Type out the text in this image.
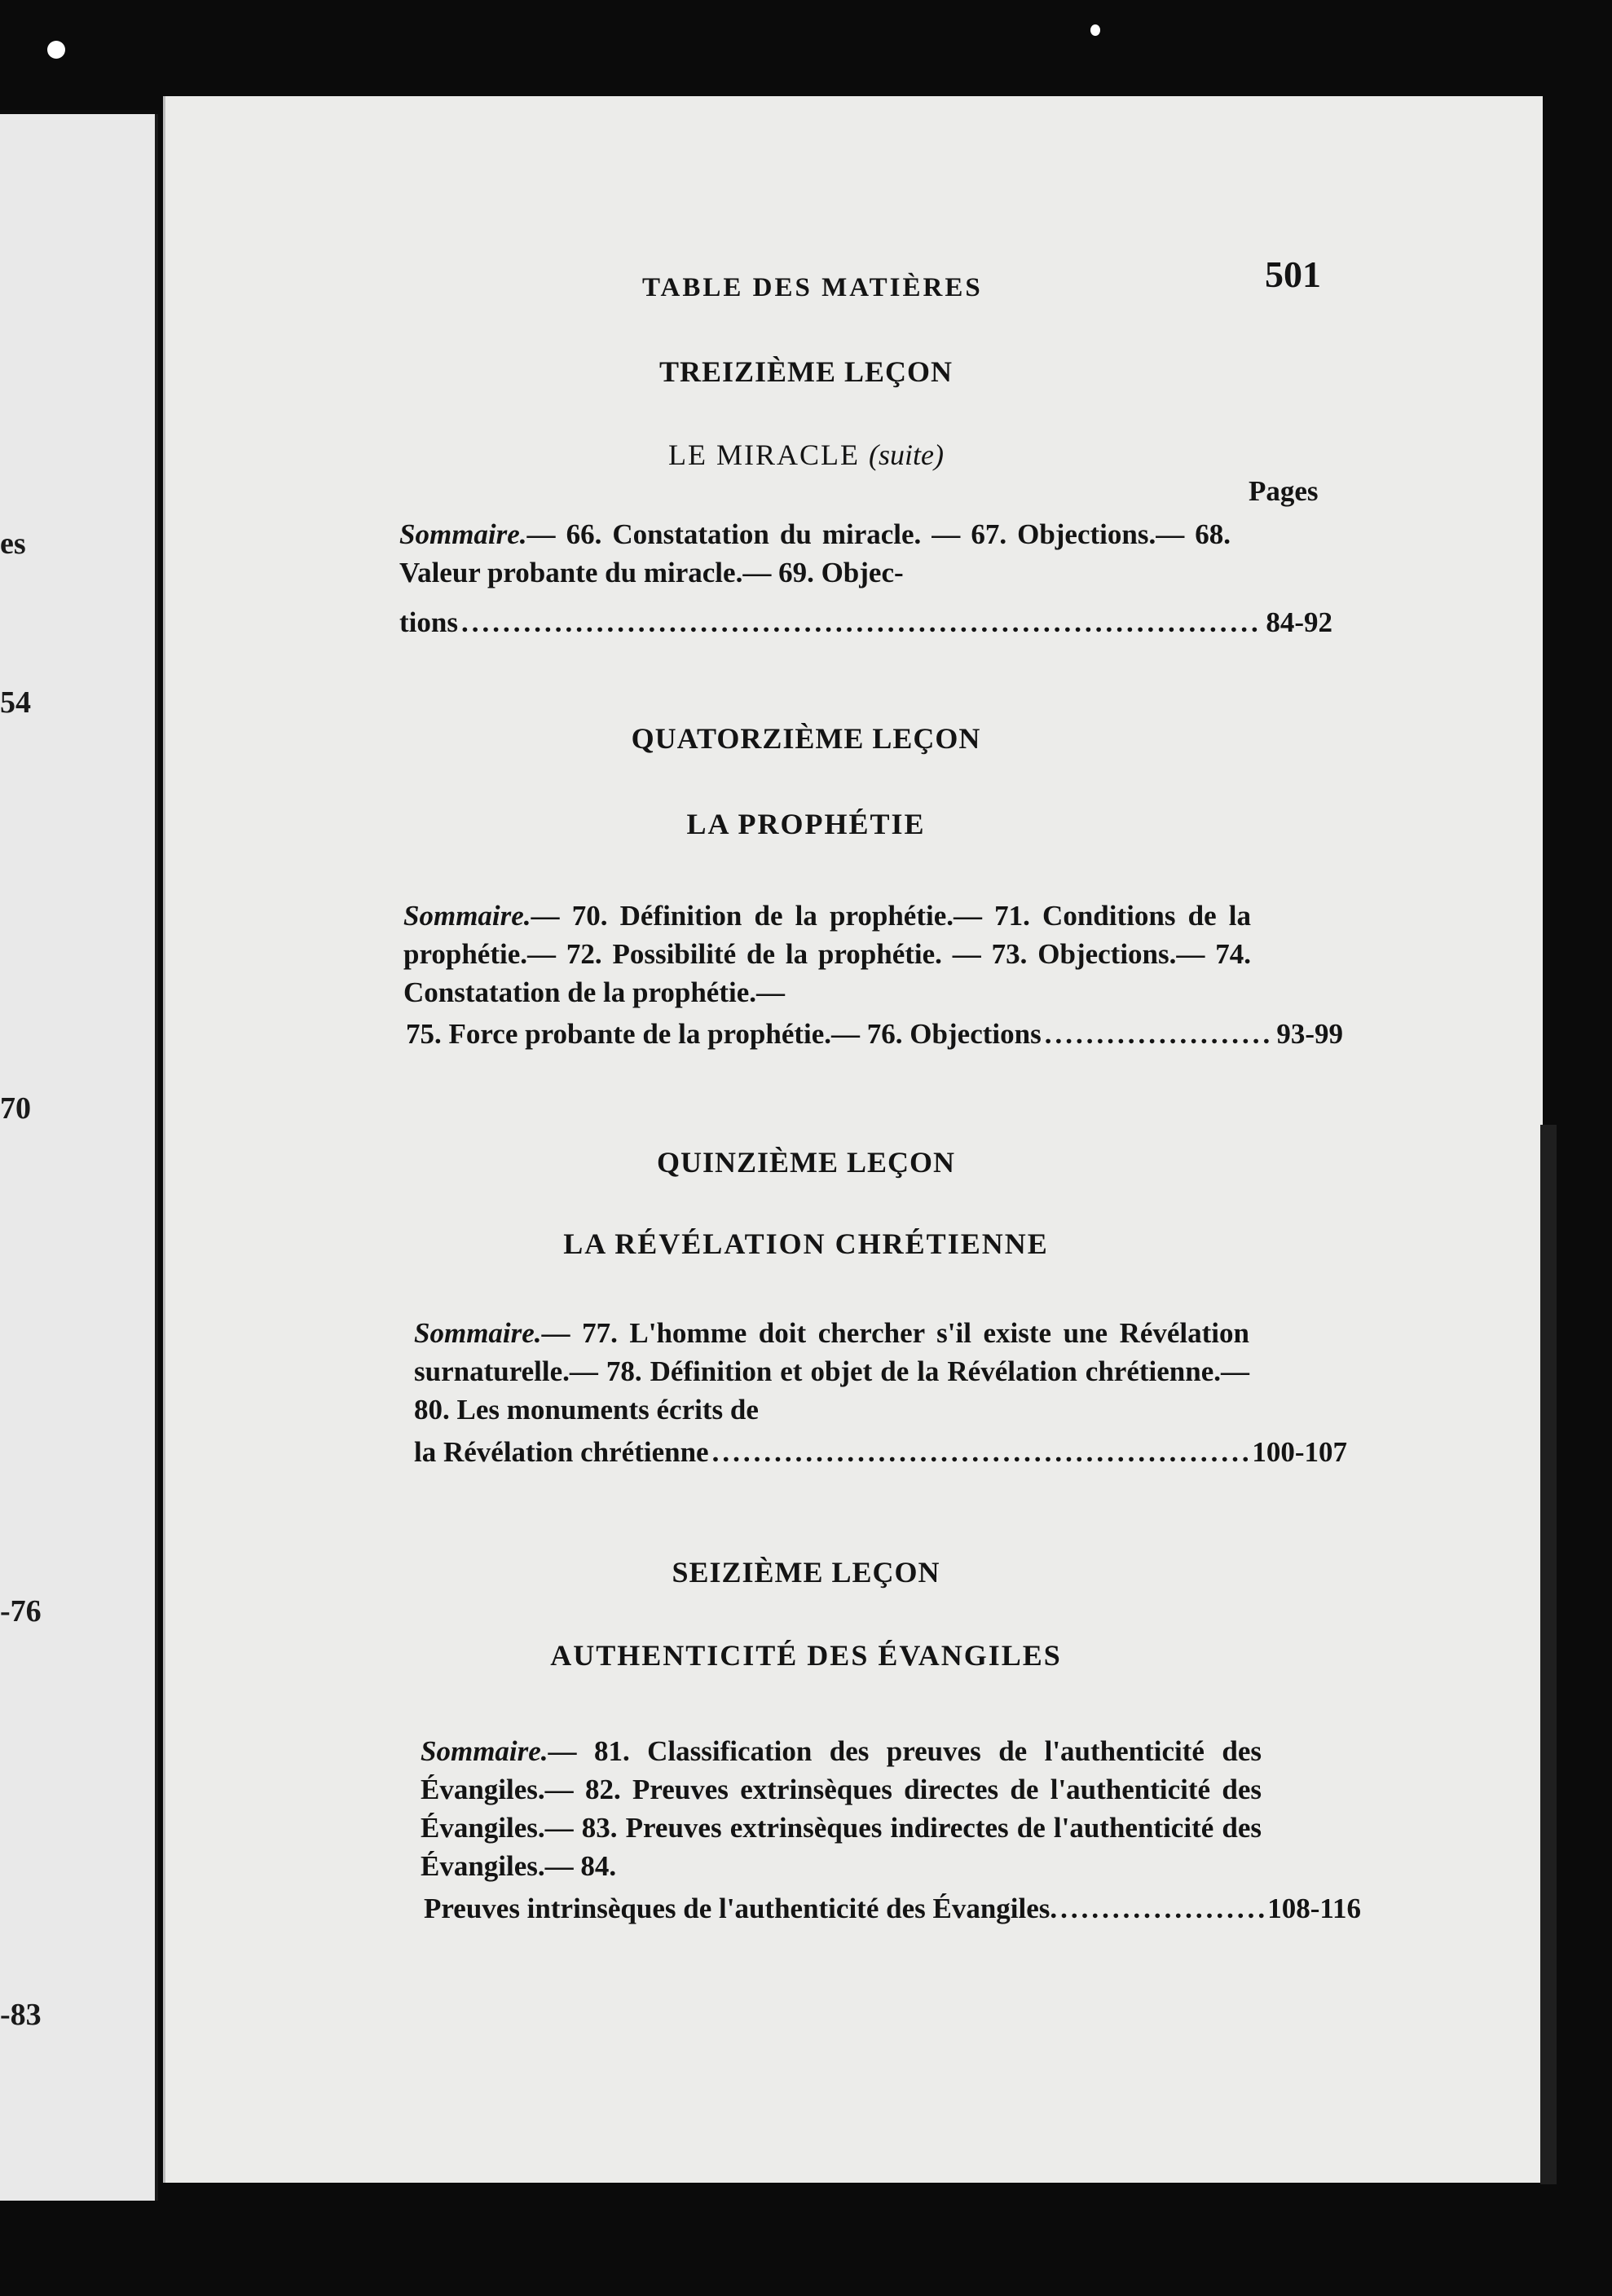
es
54
70
-76
-83
TABLE DES MATIÈRES	501
TREIZIÈME LEÇON
LE MIRACLE (suite)
Pages
Sommaire.— 66. Constatation du miracle. — 67. Objections.— 68. Valeur probante du miracle.— 69. Objec-
tions .....	84-92
QUATORZIÈME LEÇON
LA PROPHÉTIE
Sommaire.— 70. Définition de la prophétie.— 71. Conditions de la prophétie.— 72. Possibilité de la prophétie. — 73. Objections.— 74. Constatation de la prophétie.—
75. Force probante de la prophétie.— 76. Objections .....	93-99
QUINZIÈME LEÇON
LA RÉVÉLATION CHRÉTIENNE
Sommaire.— 77. L'homme doit chercher s'il existe une Révélation surnaturelle.— 78. Définition et objet de la Révélation chrétienne.— 80. Les monuments écrits de
la Révélation chrétienne .....	100-107
SEIZIÈME LEÇON
AUTHENTICITÉ DES ÉVANGILES
Sommaire.— 81. Classification des preuves de l'authenticité des Évangiles.— 82. Preuves extrinsèques directes de l'authenticité des Évangiles.— 83. Preuves extrinsèques indirectes de l'authenticité des Évangiles.— 84.
Preuves intrinsèques de l'authenticité des Évangiles. .....	108-116
